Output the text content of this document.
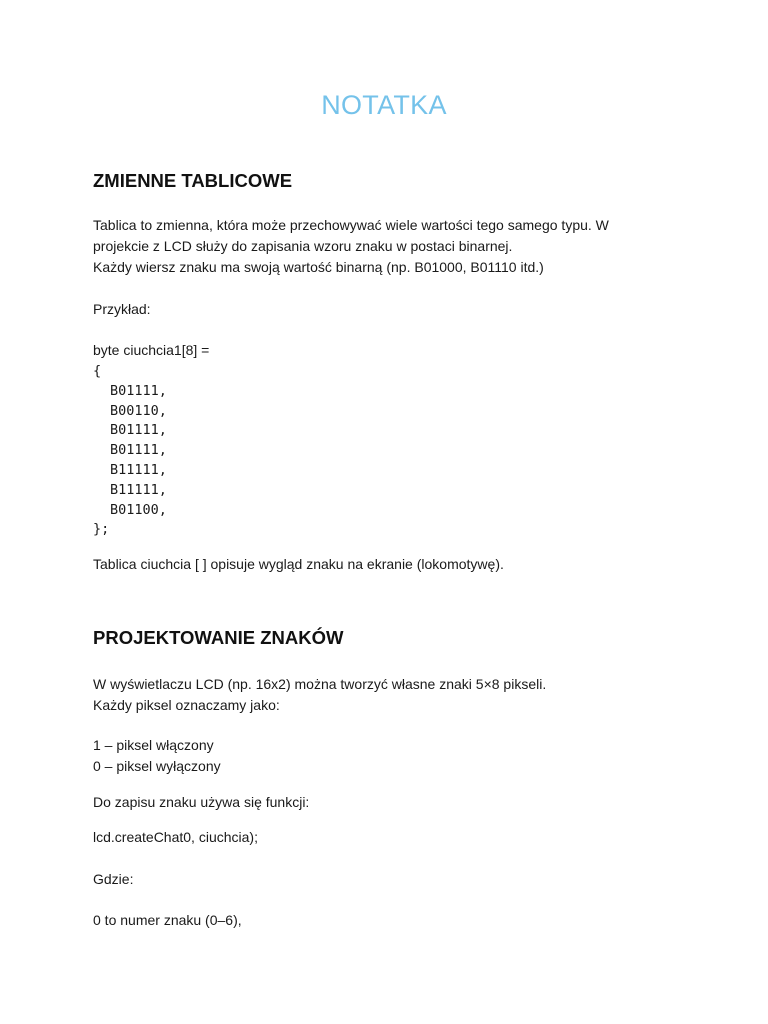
NOTATKA
ZMIENNE TABLICOWE
Tablica to zmienna, która może przechowywać wiele wartości tego samego typu. W
projekcie z LCD służy do zapisania wzoru znaku w postaci binarnej.
Każdy wiersz znaku ma swoją wartość binarną (np. B01000, B01110 itd.)
Przykład:
byte ciuchcia1[8] =
{
B01111,
B00110,
B01111,
B01111,
B11111,
B11111,
B01100,
};
Tablica ciuchcia [ ] opisuje wygląd znaku na ekranie (lokomotywę).
PROJEKTOWANIE ZNAKÓW
W wyświetlaczu LCD (np. 16x2) można tworzyć własne znaki 5×8 pikseli.
Każdy piksel oznaczamy jako:
1 – piksel włączony
0 – piksel wyłączony
Do zapisu znaku używa się funkcji:
lcd.createChat0, ciuchcia);
Gdzie:
0 to numer znaku (0–6),
